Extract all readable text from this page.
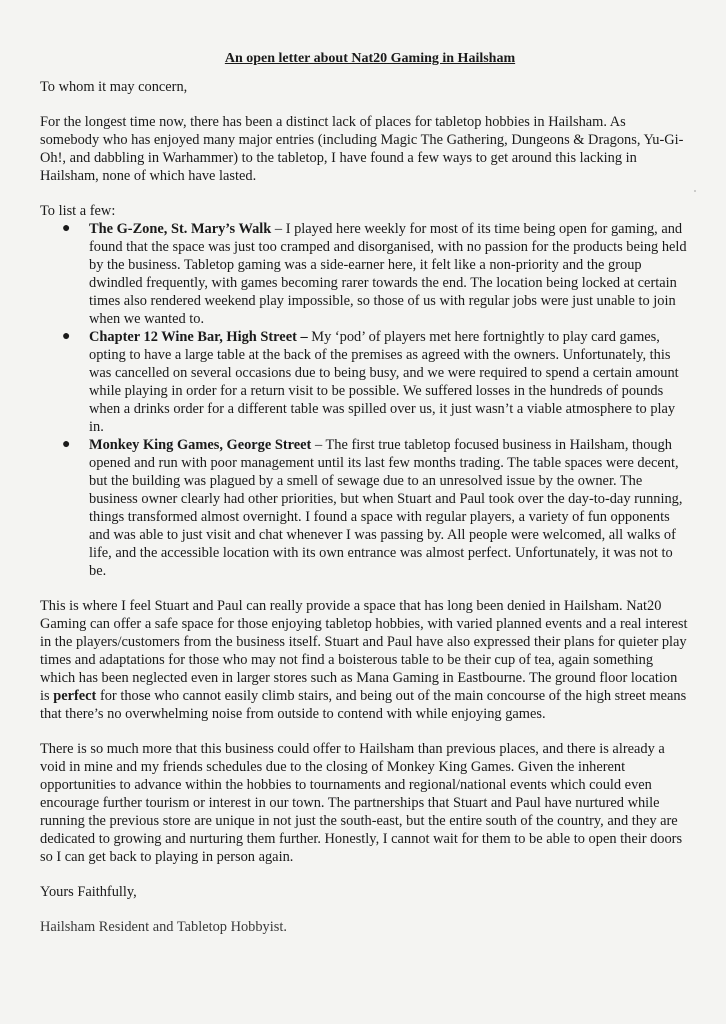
An open letter about Nat20 Gaming in Hailsham

To whom it may concern,

For the longest time now, there has been a distinct lack of places for tabletop hobbies in Hailsham. As somebody who has enjoyed many major entries (including Magic The Gathering, Dungeons & Dragons, Yu-Gi-Oh!, and dabbling in Warhammer) to the tabletop, I have found a few ways to get around this lacking in Hailsham, none of which have lasted.

To list a few:

● The G-Zone, St. Mary’s Walk – I played here weekly for most of its time being open for gaming, and found that the space was just too cramped and disorganised, with no passion for the products being held by the business. Tabletop gaming was a side-earner here, it felt like a non-priority and the group dwindled frequently, with games becoming rarer towards the end. The location being locked at certain times also rendered weekend play impossible, so those of us with regular jobs were just unable to join when we wanted to.
● Chapter 12 Wine Bar, High Street – My ‘pod’ of players met here fortnightly to play card games, opting to have a large table at the back of the premises as agreed with the owners. Unfortunately, this was cancelled on several occasions due to being busy, and we were required to spend a certain amount while playing in order for a return visit to be possible. We suffered losses in the hundreds of pounds when a drinks order for a different table was spilled over us, it just wasn’t a viable atmosphere to play in.
● Monkey King Games, George Street – The first true tabletop focused business in Hailsham, though opened and run with poor management until its last few months trading. The table spaces were decent, but the building was plagued by a smell of sewage due to an unresolved issue by the owner. The business owner clearly had other priorities, but when Stuart and Paul took over the day-to-day running, things transformed almost overnight. I found a space with regular players, a variety of fun opponents and was able to just visit and chat whenever I was passing by. All people were welcomed, all walks of life, and the accessible location with its own entrance was almost perfect. Unfortunately, it was not to be.

This is where I feel Stuart and Paul can really provide a space that has long been denied in Hailsham. Nat20 Gaming can offer a safe space for those enjoying tabletop hobbies, with varied planned events and a real interest in the players/customers from the business itself. Stuart and Paul have also expressed their plans for quieter play times and adaptations for those who may not find a boisterous table to be their cup of tea, again something which has been neglected even in larger stores such as Mana Gaming in Eastbourne. The ground floor location is perfect for those who cannot easily climb stairs, and being out of the main concourse of the high street means that there’s no overwhelming noise from outside to contend with while enjoying games.

There is so much more that this business could offer to Hailsham than previous places, and there is already a void in mine and my friends schedules due to the closing of Monkey King Games. Given the inherent opportunities to advance within the hobbies to tournaments and regional/national events which could even encourage further tourism or interest in our town. The partnerships that Stuart and Paul have nurtured while running the previous store are unique in not just the south-east, but the entire south of the country, and they are dedicated to growing and nurturing them further. Honestly, I cannot wait for them to be able to open their doors so I can get back to playing in person again.

Yours Faithfully,

Hailsham Resident and Tabletop Hobbyist.
